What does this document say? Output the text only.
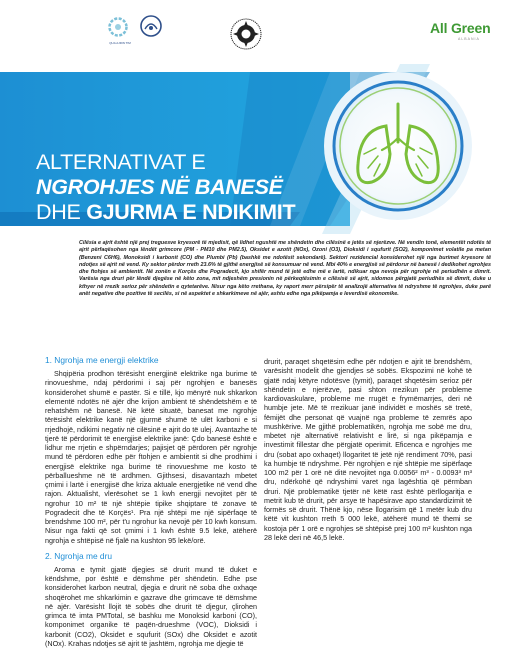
QUA AJRIN TIM
All Green
ALBANIA
ALTERNATIVAT E
NGROHJES NË BANESË
DHE GJURMA E NDIKIMIT
NË CILËSINË E AJRIT
Cilësia e ajrit është një prej treguesve kryesorë të mjedisit, që lidhet ngushtë me shëndetin dhe cilësinë e jetës së njerëzve. Në vendin tonë, elementët ndotës të ajrit përfaqësohen nga lëndët grimcore (PM - PM10 dhe PM2.5), Oksidet e azotit (NOx), Ozoni (O3), Dioksidi i squfurit (SO2), komponimet volatile pa metan (Benzeni C6H6), Monoksidi i karbonit (CO) dhe Plumbi (Pb) (bashkë me ndotësit sekondarë). Sektori rezidencial konsiderohet një nga burimet kryesore të ndotjes së ajrit në vend. Ky sektor përdor rreth 23.6% të gjithë energjisë së konsumuar në vend. Mbi 40% e energjisë së përdorur në banesë i dedikohet ngrohjes dhe ftohjes së ambientit. Në zonën e Korçës dhe Pogradecit, kjo shifër mund të jetë edhe më e lartë, ndikuar nga nevoja për ngrohje në periudhën e dimrit. Varësia nga druri për lëndë djegëse në këto zona, mit ndjeshëm presionin në përkeqtësimin e cilësisë së ajrit, sidomos përgjatë periudhës së dimrit, duke u kthyer në rrezik serioz për shëndetin e qytetarëve. Nisur nga këto rrethana, ky raport merr përsipër të analizojë alternativa të ndryshme të ngrohjes, duke parë anët negative dhe pozitive të secilës, si në aspektet e shkarkimeve në ajër, ashtu edhe nga pikëpamja e leverdisë ekonomike.
1. Ngrohja me energji elektrike
Shqipëria prodhon tërësisht energjinë elektrike nga burime të rinovueshme, ndaj përdorimi i saj për ngrohjen e banesës konsiderohet shumë e pastër. Si e tillë, kjo mënyrë nuk shkarkon elementë ndotës në ajër dhe krijon ambient të shëndetshëm e të rehatshëm në banesë. Në këtë situatë, banesat me ngrohje tërësisht elektrike kanë një gjurmë shumë të ulët karboni e si rrjedhojë, ndikimi negativ në cilësinë e ajrit do të ulej. Avantazhe të tjerë të përdorimit të energjisë elektrike janë: Çdo banesë është e lidhur me rrjetin e shpërndarjes; pajisjet që përdoren për ngrohje mund të përdoren edhe për ftohjen e ambientit si dhe prodhimi i energjisë elektrike nga burime të rinovueshme me kosto të përballueshme në të ardhmen. Gjithsesi, disavantazh mbetet çmimi i lartë i energjisë dhe kriza aktuale energjetike në vend dhe rajon. Aktualisht, vlerësohet se 1 kwh energji nevojitet për të ngrohur 10 m² të një shtëpie tipike shqiptare të zonave të Pogradecit dhe të Korçës¹. Pra një shtëpi me një sipërfaqe të brendshme 100 m², për t'u ngrohur ka nevojë për 10 kwh konsum. Nisur nga fakti që sot çmimi i 1 kwh është 9.5 lekë, atëherë ngrohja e shtëpisë në fjalë na kushton 95 lekë/orë.
2. Ngrohja me dru
Aroma e tymit gjatë djegies së drurit mund të duket e këndshme, por është e dëmshme për shëndetin. Edhe pse konsiderohet karbon neutral, djegia e drurit në soba dhe oxhaqe shoqërohet me shkarkimin e gazrave dhe grimcave të dëmshme në ajër. Varësisht llojit të sobës dhe drurit të djegur, çlirohen grimca të imta PMTotal, së bashku me Monoksid karboni (CO), komponimet organike të paqën-drueshme (VOC), Dioksidi i karbonit (CO2), Oksidet e squfurit (SOx) dhe Oksidet e azotit (NOx). Krahas ndotjes së ajrit të jashtëm, ngrohja me djegie të
drurit, paraqet shqetësim edhe për ndotjen e ajrit të brendshëm, varësisht modelit dhe gjendjes së sobës. Ekspozimi në kohë të gjatë ndaj këtyre ndotësve (tymit), paraqet shqetësim serioz për shëndetin e njerëzve, pasi shton rrezikun për probleme kardiovaskulare, probleme me rrugët e frymëmarrjes, deri në humbje jete. Më të rrezikuar janë individët e moshës së tretë, fëmijët dhe personat që vuajnë nga probleme të zemrës apo mushkërive. Me gjithë problematikën, ngrohja me sobë me dru, mbetet një alternativë relativisht e lirë, si nga pikëpamja e investimit fillestar dhe përgjatë operimit. Eficenca e ngrohjes me dru (sobat apo oxhaqet) llogaritet të jetë një rendiment 70%, pasi ka humbje të ndryshme. Për ngrohjen e një shtëpie me sipërfaqe 100 m2 për 1 orë në ditë nevojitet nga 0.0056² m³ - 0.0093³ m³ dru, ndërkohë që ndryshimi varet nga lagështia që përmban druri. Një problematikë tjetër në këtë rast është përllogaritja e metrit kub të drurit, për arsye të hapësirave apo standardizimit të formës së drurit. Thënë kjo, nëse llogarisim që 1 metër kub dru këtë vit kushton rreth 5 000 lekë, atëherë mund të themi se kostoja për 1 orë e ngrohjes së shtëpisë prej 100 m² kushton nga 28 lekë deri në 46,5 lekë.
